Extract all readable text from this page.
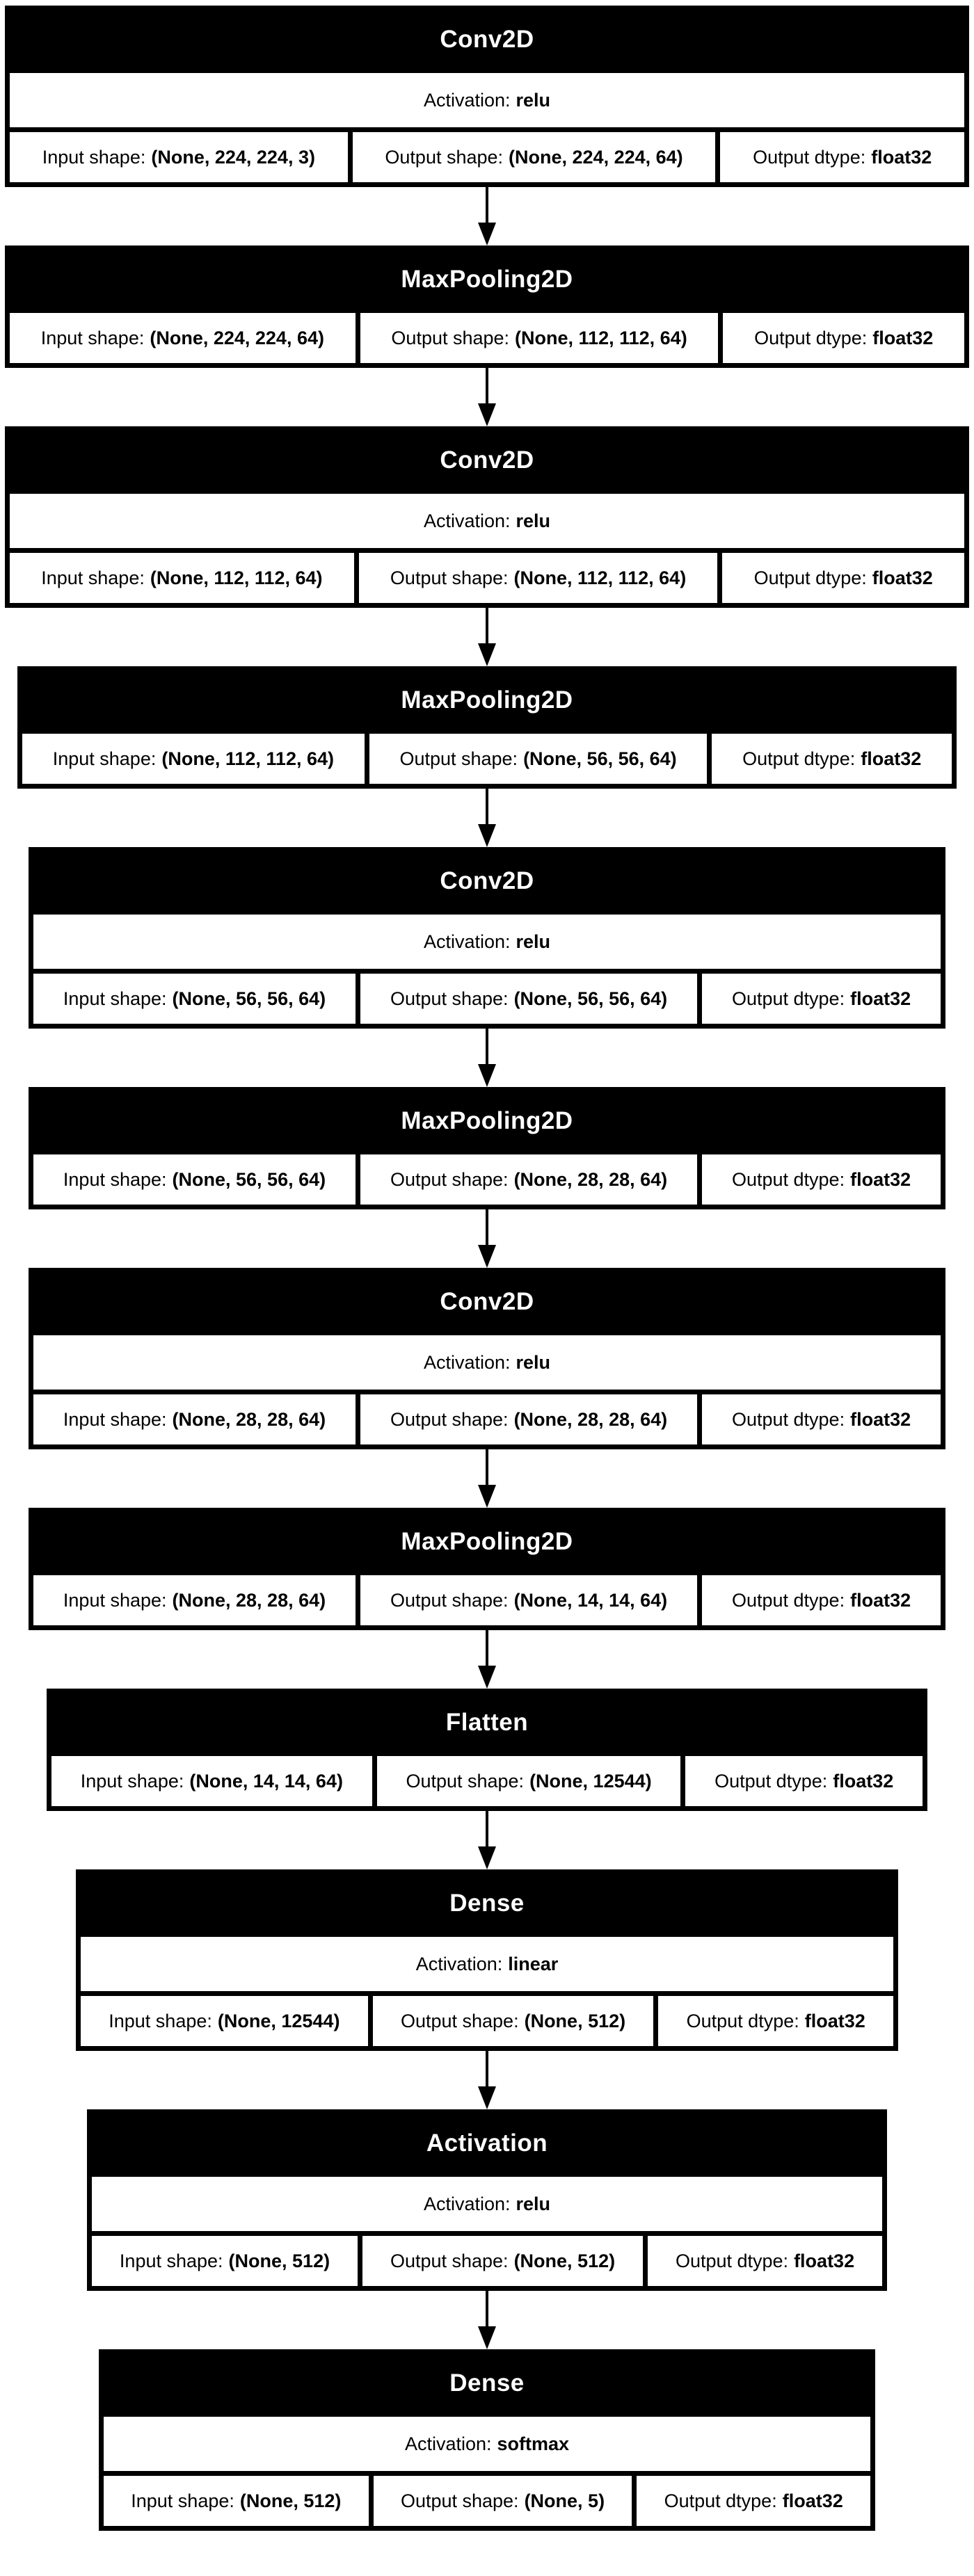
Conv2D
Activation: relu
Input shape: (None, 224, 224, 3)	Output shape: (None, 224, 224, 64)	Output dtype: float32
MaxPooling2D
Input shape: (None, 224, 224, 64)	Output shape: (None, 112, 112, 64)	Output dtype: float32
Conv2D
Activation: relu
Input shape: (None, 112, 112, 64)	Output shape: (None, 112, 112, 64)	Output dtype: float32
MaxPooling2D
Input shape: (None, 112, 112, 64)	Output shape: (None, 56, 56, 64)	Output dtype: float32
Conv2D
Activation: relu
Input shape: (None, 56, 56, 64)	Output shape: (None, 56, 56, 64)	Output dtype: float32
MaxPooling2D
Input shape: (None, 56, 56, 64)	Output shape: (None, 28, 28, 64)	Output dtype: float32
Conv2D
Activation: relu
Input shape: (None, 28, 28, 64)	Output shape: (None, 28, 28, 64)	Output dtype: float32
MaxPooling2D
Input shape: (None, 28, 28, 64)	Output shape: (None, 14, 14, 64)	Output dtype: float32
Flatten
Input shape: (None, 14, 14, 64)	Output shape: (None, 12544)	Output dtype: float32
Dense
Activation: linear
Input shape: (None, 12544)	Output shape: (None, 512)	Output dtype: float32
Activation
Activation: relu
Input shape: (None, 512)	Output shape: (None, 512)	Output dtype: float32
Dense
Activation: softmax
Input shape: (None, 512)	Output shape: (None, 5)	Output dtype: float32
